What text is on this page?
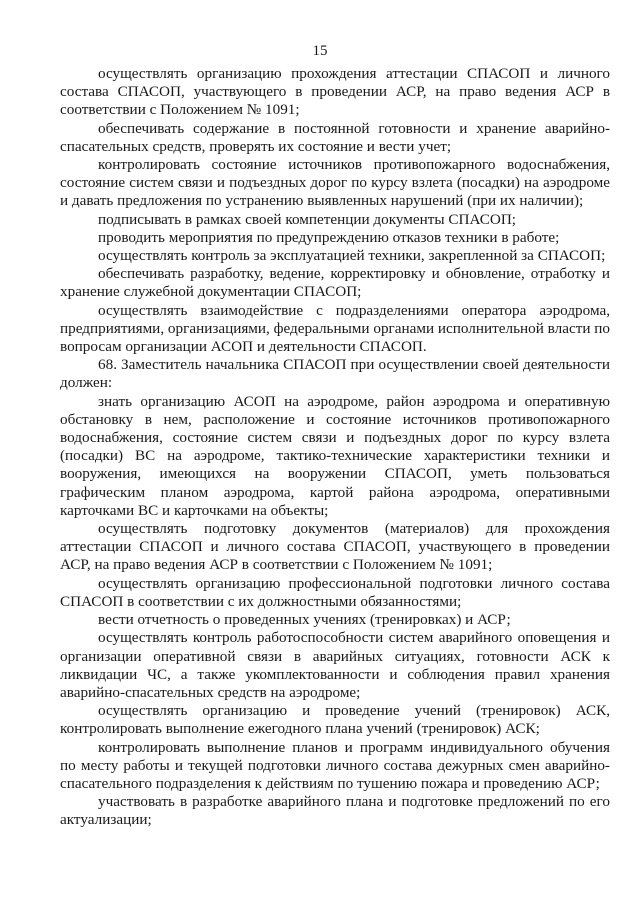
15

осуществлять организацию прохождения аттестации СПАСОП и личного состава СПАСОП, участвующего в проведении АСР, на право ведения АСР в соответствии с Положением № 1091;

обеспечивать содержание в постоянной готовности и хранение аварийно-спасательных средств, проверять их состояние и вести учет;

контролировать состояние источников противопожарного водоснабжения, состояние систем связи и подъездных дорог по курсу взлета (посадки) на аэродроме и давать предложения по устранению выявленных нарушений (при их наличии);

подписывать в рамках своей компетенции документы СПАСОП;

проводить мероприятия по предупреждению отказов техники в работе;

осуществлять контроль за эксплуатацией техники, закрепленной за СПАСОП;

обеспечивать разработку, ведение, корректировку и обновление, отработку и хранение служебной документации СПАСОП;

осуществлять взаимодействие с подразделениями оператора аэродрома, предприятиями, организациями, федеральными органами исполнительной власти по вопросам организации АСОП и деятельности СПАСОП.

68. Заместитель начальника СПАСОП при осуществлении своей деятельности должен:

знать организацию АСОП на аэродроме, район аэродрома и оперативную обстановку в нем, расположение и состояние источников противопожарного водоснабжения, состояние систем связи и подъездных дорог по курсу взлета (посадки) ВС на аэродроме, тактико-технические характеристики техники и вооружения, имеющихся на вооружении СПАСОП, уметь пользоваться графическим планом аэродрома, картой района аэродрома, оперативными карточками ВС и карточками на объекты;

осуществлять подготовку документов (материалов) для прохождения аттестации СПАСОП и личного состава СПАСОП, участвующего в проведении АСР, на право ведения АСР в соответствии с Положением № 1091;

осуществлять организацию профессиональной подготовки личного состава СПАСОП в соответствии с их должностными обязанностями;

вести отчетность о проведенных учениях (тренировках) и АСР;

осуществлять контроль работоспособности систем аварийного оповещения и организации оперативной связи в аварийных ситуациях, готовности АСК к ликвидации ЧС, а также укомплектованности и соблюдения правил хранения аварийно-спасательных средств на аэродроме;

осуществлять организацию и проведение учений (тренировок) АСК, контролировать выполнение ежегодного плана учений (тренировок) АСК;

контролировать выполнение планов и программ индивидуального обучения по месту работы и текущей подготовки личного состава дежурных смен аварийно-спасательного подразделения к действиям по тушению пожара и проведению АСР;

участвовать в разработке аварийного плана и подготовке предложений по его актуализации;
